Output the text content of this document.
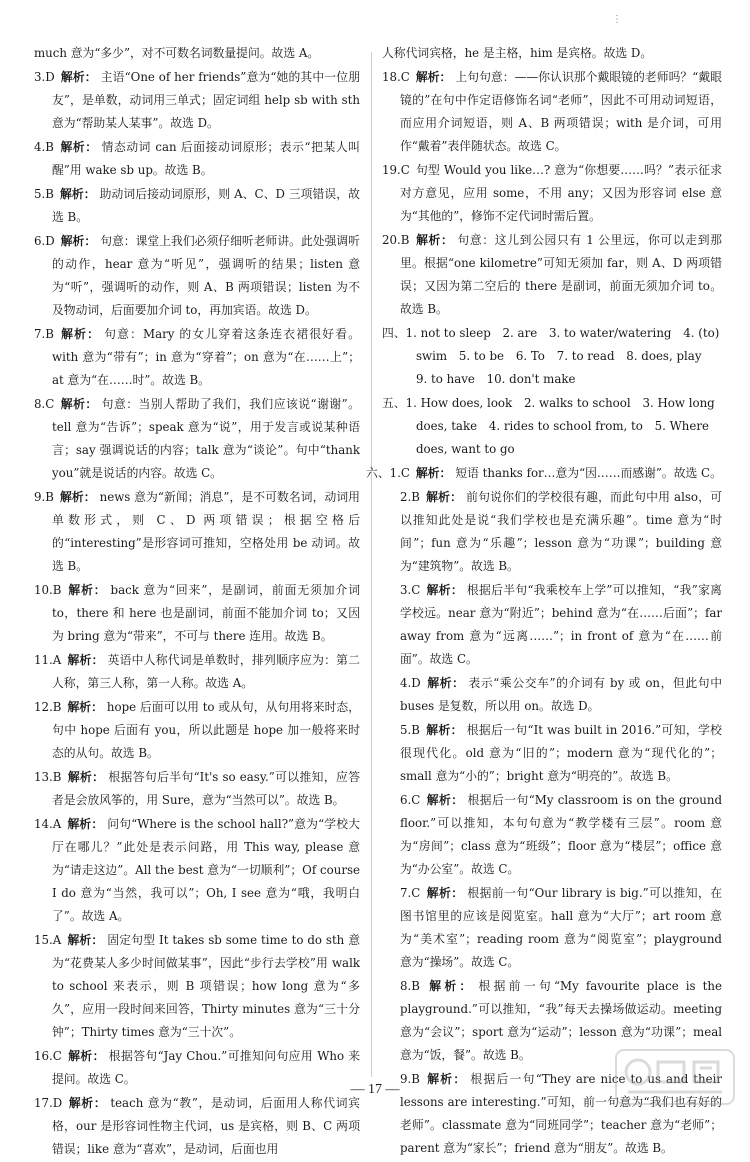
⋮

much 意为“多少”，对不可数名词数量提问。故选 A。

3.D 解析： 主语“One of her friends”意为“她的其中一位朋友”，是单数，动词用三单式；固定词组 help sb with sth 意为“帮助某人某事”。故选 D。

4.B 解析： 情态动词 can 后面接动词原形；表示“把某人叫醒”用 wake sb up。故选 B。

5.B 解析： 助动词后接动词原形，则 A、C、D 三项错误，故选 B。

6.D 解析： 句意：课堂上我们必须仔细听老师讲。此处强调听的动作，hear 意为“听见”，强调听的结果；listen 意为“听”，强调听的动作，则 A、B 两项错误；listen 为不及物动词，后面要加介词 to，再加宾语。故选 D。

7.B 解析： 句意：Mary 的女儿穿着这条连衣裙很好看。with 意为“带有”；in 意为“穿着”；on 意为“在……上”；at 意为“在……时”。故选 B。

8.C 解析： 句意：当别人帮助了我们，我们应该说“谢谢”。tell 意为“告诉”；speak 意为“说”，用于发言或说某种语言；say 强调说话的内容；talk 意为“谈论”。句中“thank you”就是说话的内容。故选 C。

9.B 解析： news 意为“新闻；消息”，是不可数名词，动词用单数形式，则 C、D 两项错误；根据空格后的“interesting”是形容词可推知，空格处用 be 动词。故选 B。

10.B 解析： back 意为“回来”，是副词，前面无须加介词 to，there 和 here 也是副词，前面不能加介词 to；又因为 bring 意为“带来”，不可与 there 连用。故选 B。

11.A 解析： 英语中人称代词是单数时，排列顺序应为：第二人称，第三人称，第一人称。故选 A。

12.B 解析： hope 后面可以用 to 或从句，从句用将来时态，句中 hope 后面有 you，所以此题是 hope 加一般将来时态的从句。故选 B。

13.B 解析： 根据答句后半句“It's so easy.”可以推知，应答者是会放风筝的，用 Sure，意为“当然可以”。故选 B。

14.A 解析： 问句“Where is the school hall?”意为“学校大厅在哪儿？”此处是表示问路，用 This way, please 意为“请走这边”。All the best 意为“一切顺利”；Of course I do 意为“当然，我可以”；Oh, I see 意为“哦，我明白了”。故选 A。

15.A 解析： 固定句型 It takes sb some time to do sth 意为“花费某人多少时间做某事”，因此“步行去学校”用 walk to school 来表示，则 B 项错误；how long 意为“多久”，应用一段时间来回答，Thirty minutes 意为“三十分钟”；Thirty times 意为“三十次”。

16.C 解析： 根据答句“Jay Chou.”可推知问句应用 Who 来提问。故选 C。

17.D 解析： teach 意为“教”，是动词，后面用人称代词宾格，our 是形容词性物主代词，us 是宾格，则 B、C 两项错误；like 意为“喜欢”，是动词，后面也用

人称代词宾格，he 是主格，him 是宾格。故选 D。

18.C 解析： 上句句意：——你认识那个戴眼镜的老师吗？“戴眼镜的”在句中作定语修饰名词“老师”，因此不可用动词短语，而应用介词短语，则 A、B 两项错误；with 是介词，可用作“戴着”表伴随状态。故选 C。

19.C 句型 Would you like…? 意为“你想要……吗？”表示征求对方意见，应用 some，不用 any；又因为形容词 else 意为“其他的”，修饰不定代词时需后置。

20.B 解析： 句意：这儿到公园只有 1 公里远，你可以走到那里。根据“one kilometre”可知无须加 far，则 A、D 两项错误；又因为第二空后的 there 是副词，前面无须加介词 to。故选 B。

四、1. not to sleep　2. are　3. to water/watering　4. (to) swim　5. to be　6. To　7. to read　8. does, play　9. to have　10. don't make

五、1. How does, look　2. walks to school　3. How long does, take　4. rides to school from, to　5. Where does, want to go

六、1.C 解析： 短语 thanks for…意为“因……而感谢”。故选 C。

2.B 解析： 前句说你们的学校很有趣，而此句中用 also，可以推知此处是说“我们学校也是充满乐趣”。time 意为“时间”；fun 意为“乐趣”；lesson 意为“功课”；building 意为“建筑物”。故选 B。

3.C 解析： 根据后半句“我乘校车上学”可以推知，“我”家离学校远。near 意为“附近”；behind 意为“在……后面”；far away from 意为“远离……”；in front of 意为“在……前面”。故选 C。

4.D 解析： 表示“乘公交车”的介词有 by 或 on，但此句中 buses 是复数，所以用 on。故选 D。

5.B 解析： 根据后一句“It was built in 2016.”可知，学校很现代化。old 意为“旧的”；modern 意为“现代化的”；small 意为“小的”；bright 意为“明亮的”。故选 B。

6.C 解析： 根据后一句“My classroom is on the ground floor.”可以推知，本句句意为“教学楼有三层”。room 意为“房间”；class 意为“班级”；floor 意为“楼层”；office 意为“办公室”。故选 C。

7.C 解析： 根据前一句“Our library is big.”可以推知，在图书馆里的应该是阅览室。hall 意为“大厅”；art room 意为“美术室”；reading room 意为“阅览室”；playground 意为“操场”。故选 C。

8.B 解析： 根据前一句“My favourite place is the playground.”可以推知，“我”每天去操场做运动。meeting 意为“会议”；sport 意为“运动”；lesson 意为“功课”；meal 意为“饭，餐”。故选 B。

9.B 解析： 根据后一句“They are nice to us and their lessons are interesting.”可知，前一句意为“我们也有好的老师”。classmate 意为“同班同学”；teacher 意为“老师”；parent 意为“家长”；friend 意为“朋友”。故选 B。

— 17 —
